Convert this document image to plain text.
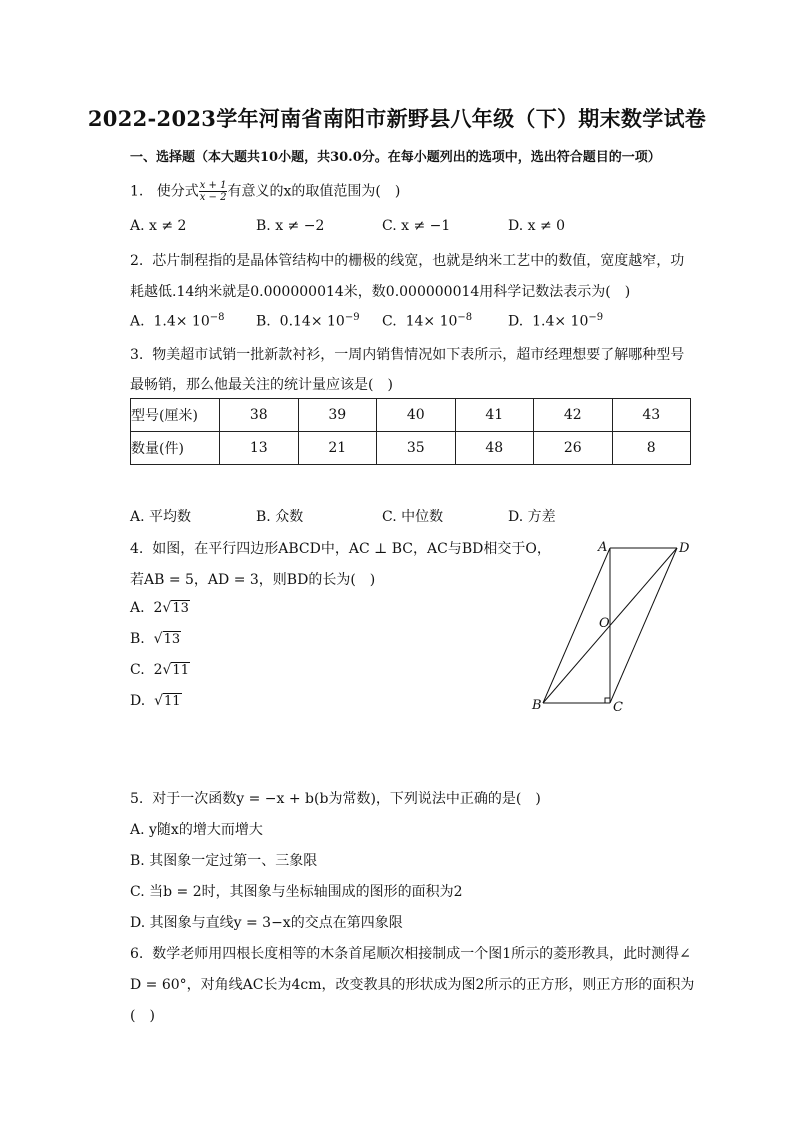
2022-2023学年河南省南阳市新野县八年级（下）期末数学试卷
一、选择题（本大题共10小题，共30.0分。在每小题列出的选项中，选出符合题目的一项）
1. 使分式 $\frac{x + 1}{x - 2}$ 有意义的x的取值范围为(　)
A. x ≠ 2	B. x ≠ −2	C. x ≠ −1	D. x ≠ 0
2. 芯片制程指的是晶体管结构中的栅极的线宽，也就是纳米工艺中的数值，宽度越窄，功
耗越低.14纳米就是0.000000014米，数0.000000014用科学记数法表示为(　)
A. $1.4\times 10^{-8}$ B. $0.14\times 10^{-9}$ C. $14\times 10^{-8}$	D. $1.4\times 10^{-9}$
3. 物美超市试销一批新款衬衫，一周内销售情况如下表所示，超市经理想要了解哪种型号
最畅销，那么他最关注的统计量应该是(　)
型号(厘米)	38	39	40	41	42	43
数量(件)	13	21	35	48	26	8
A. 平均数	B. 众数	C. 中位数	D. 方差
4. 如图，在平行四边形ABCD中，AC ⊥ BC，AC与BD相交于O，
若AB = 5，AD = 3，则BD的长为(　)
A. 2√13
B. √13
C. 2√11
D. √11
A	D
O
B	C
5. 对于一次函数y = −x + b(b为常数)，下列说法中正确的是(　)
A. y随x的增大而增大
B. 其图象一定过第一、三象限
C. 当b = 2时，其图象与坐标轴围成的图形的面积为2
D. 其图象与直线y = 3−x的交点在第四象限
6. 数学老师用四根长度相等的木条首尾顺次相接制成一个图1所示的菱形教具，此时测得∠
D = 60°，对角线AC长为4cm，改变教具的形状成为图2所示的正方形，则正方形的面积为
(　)
